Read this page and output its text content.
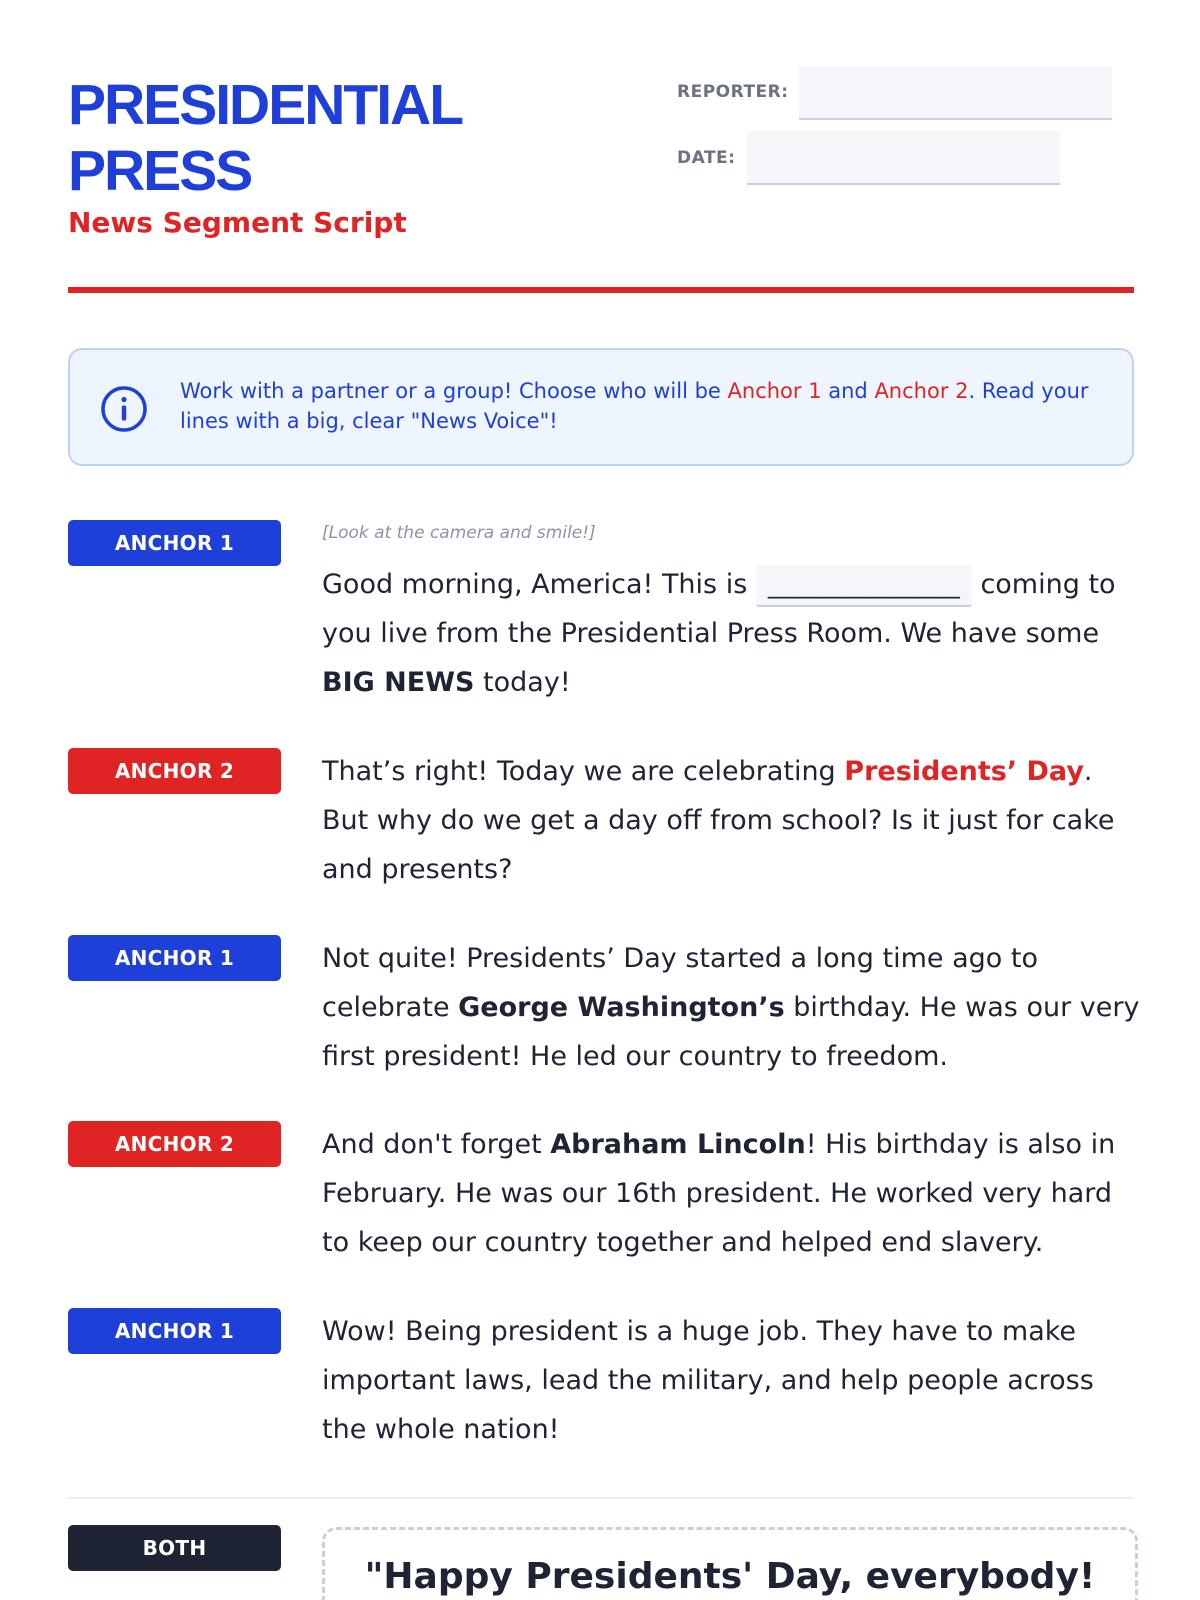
PRESIDENTIAL PRESS
News Segment Script
REPORTER:
DATE:
Work with a partner or a group! Choose who will be Anchor 1 and Anchor 2. Read your lines with a big, clear "News Voice"!
ANCHOR 1	[Look at the camera and smile!]
Good morning, America! This is ________________ coming to you live from the Presidential Press Room. We have some BIG NEWS today!
ANCHOR 2	That’s right! Today we are celebrating Presidents’ Day. But why do we get a day off from school? Is it just for cake and presents?
ANCHOR 1	Not quite! Presidents’ Day started a long time ago to celebrate George Washington’s birthday. He was our very first president! He led our country to freedom.
ANCHOR 2	And don't forget Abraham Lincoln! His birthday is also in February. He was our 16th president. He worked very hard to keep our country together and helped end slavery.
ANCHOR 1	Wow! Being president is a huge job. They have to make important laws, lead the military, and help people across the whole nation!
BOTH
"Happy Presidents' Day, everybody!
